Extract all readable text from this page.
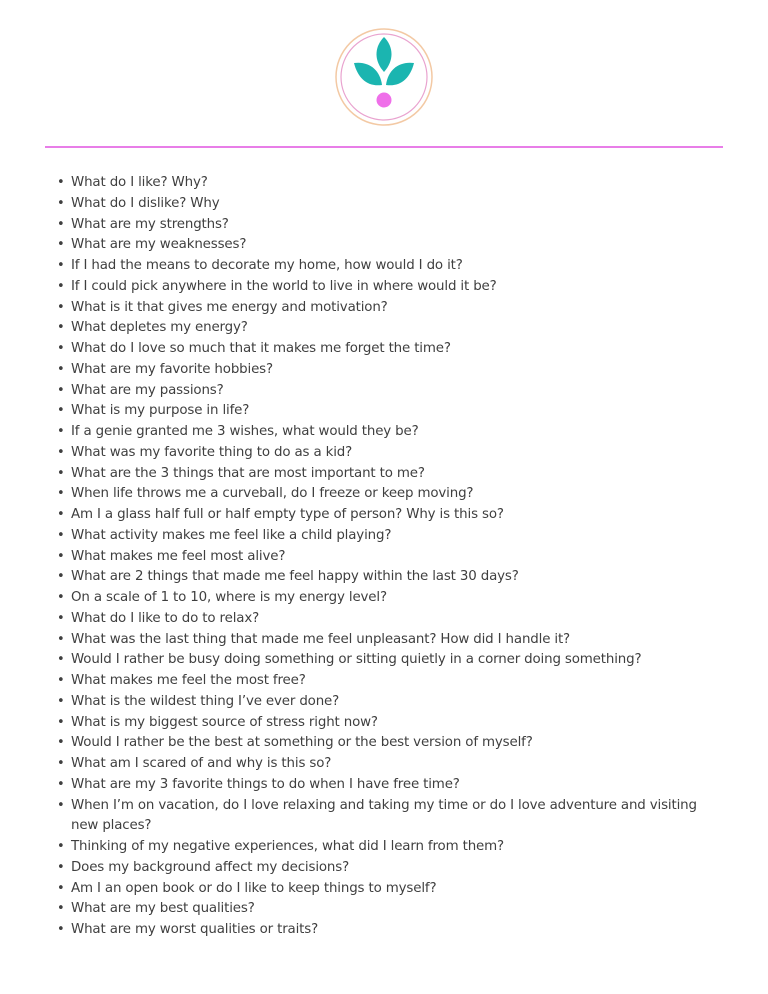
• What do I like? Why?
• What do I dislike? Why
• What are my strengths?
• What are my weaknesses?
• If I had the means to decorate my home, how would I do it?
• If I could pick anywhere in the world to live in where would it be?
• What is it that gives me energy and motivation?
• What depletes my energy?
• What do I love so much that it makes me forget the time?
• What are my favorite hobbies?
• What are my passions?
• What is my purpose in life?
• If a genie granted me 3 wishes, what would they be?
• What was my favorite thing to do as a kid?
• What are the 3 things that are most important to me?
• When life throws me a curveball, do I freeze or keep moving?
• Am I a glass half full or half empty type of person? Why is this so?
• What activity makes me feel like a child playing?
• What makes me feel most alive?
• What are 2 things that made me feel happy within the last 30 days?
• On a scale of 1 to 10, where is my energy level?
• What do I like to do to relax?
• What was the last thing that made me feel unpleasant? How did I handle it?
• Would I rather be busy doing something or sitting quietly in a corner doing something?
• What makes me feel the most free?
• What is the wildest thing I’ve ever done?
• What is my biggest source of stress right now?
• Would I rather be the best at something or the best version of myself?
• What am I scared of and why is this so?
• What are my 3 favorite things to do when I have free time?
• When I’m on vacation, do I love relaxing and taking my time or do I love adventure and visiting new places?
• Thinking of my negative experiences, what did I learn from them?
• Does my background affect my decisions?
• Am I an open book or do I like to keep things to myself?
• What are my best qualities?
• What are my worst qualities or traits?
